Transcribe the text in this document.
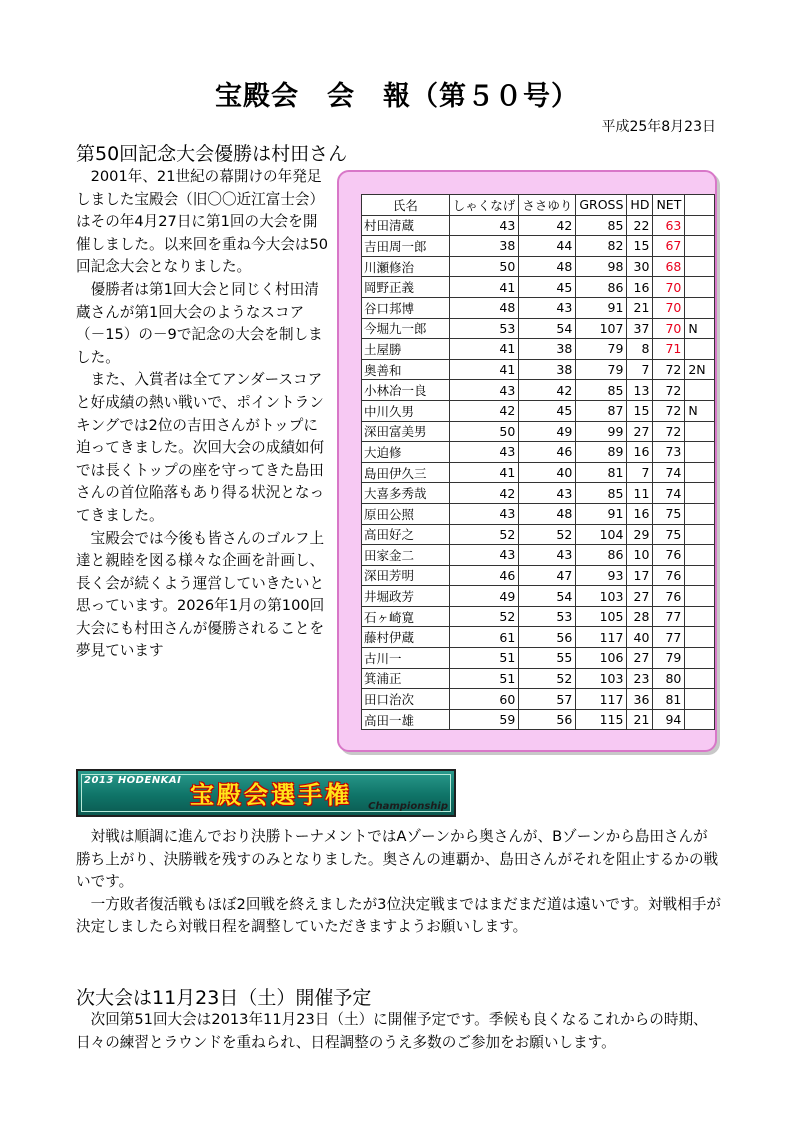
宝殿会　会　報（第５０号）
平成25年8月23日
第50回記念大会優勝は村田さん

2001年、21世紀の幕開けの年発足しました宝殿会（旧〇〇近江富士会）はその年4月27日に第1回の大会を開催しました。以来回を重ね今大会は50回記念大会となりました。

優勝者は第1回大会と同じく村田清蔵さんが第1回大会のようなスコア（－15）の－9で記念の大会を制しました。

また、入賞者は全てアンダースコアと好成績の熱い戦いで、ポイントランキングでは2位の吉田さんがトップに迫ってきました。次回大会の成績如何では長くトップの座を守ってきた島田さんの首位陥落もあり得る状況となってきました。

宝殿会では今後も皆さんのゴルフ上達と親睦を図る様々な企画を計画し、長く会が続くよう運営していきたいと思っています。2026年1月の第100回大会にも村田さんが優勝されることを夢見ています

氏名	しゃくなげ	ささゆり	GROSS	HD	NET	
村田清蔵	43	42	85	22	63	
吉田周一郎	38	44	82	15	67	
川瀬修治	50	48	98	30	68	
岡野正義	41	45	86	16	70	
谷口邦博	48	43	91	21	70	
今堀九一郎	53	54	107	37	70	N
土屋勝	41	38	79	8	71	
奥善和	41	38	79	7	72	2N
小林冶一良	43	42	85	13	72	
中川久男	42	45	87	15	72	N
深田富美男	50	49	99	27	72	
大迫修	43	46	89	16	73	
島田伊久三	41	40	81	7	74	
大喜多秀哉	42	43	85	11	74	
原田公照	43	48	91	16	75	
高田好之	52	52	104	29	75	
田家金二	43	43	86	10	76	
深田芳明	46	47	93	17	76	
井堀政芳	49	54	103	27	76	
石ヶ崎寛	52	53	105	28	77	
藤村伊蔵	61	56	117	40	77	
古川一	51	55	106	27	79	
箕浦正	51	52	103	23	80	
田口治次	60	57	117	36	81	
高田一雄	59	56	115	21	94	
2013 HODENKAI
宝殿会選手権 Championship

対戦は順調に進んでおり決勝トーナメントではAゾーンから奥さんが、Bゾーンから島田さんが勝ち上がり、決勝戦を残すのみとなりました。奥さんの連覇か、島田さんがそれを阻止するかの戦いです。

一方敗者復活戦もほぼ2回戦を終えましたが3位決定戦まではまだまだ道は遠いです。対戦相手が決定しましたら対戦日程を調整していただきますようお願いします。

次大会は11月23日（土）開催予定

次回第51回大会は2013年11月23日（土）に開催予定です。季候も良くなるこれからの時期、日々の練習とラウンドを重ねられ、日程調整のうえ多数のご参加をお願いします。
